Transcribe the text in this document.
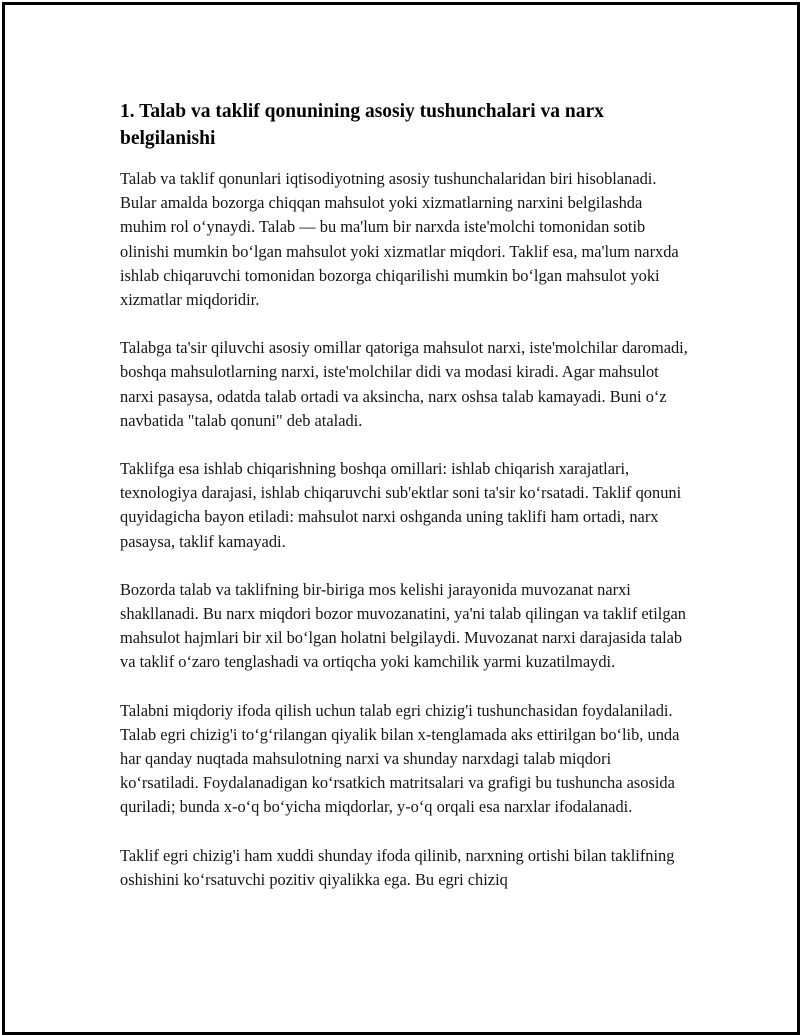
1. Talab va taklif qonunining asosiy tushunchalari va narx belgilanishi

Talab va taklif qonunlari iqtisodiyotning asosiy tushunchalaridan biri hisoblanadi. Bular amalda bozorga chiqqan mahsulot yoki xizmatlarning narxini belgilashda muhim rol o‘ynaydi. Talab — bu ma'lum bir narxda iste'molchi tomonidan sotib olinishi mumkin bo‘lgan mahsulot yoki xizmatlar miqdori. Taklif esa, ma'lum narxda ishlab chiqaruvchi tomonidan bozorga chiqarilishi mumkin bo‘lgan mahsulot yoki xizmatlar miqdoridir.

Talabga ta'sir qiluvchi asosiy omillar qatoriga mahsulot narxi, iste'molchilar daromadi, boshqa mahsulotlarning narxi, iste'molchilar didi va modasi kiradi. Agar mahsulot narxi pasaysa, odatda talab ortadi va aksincha, narx oshsa talab kamayadi. Buni o‘z navbatida "talab qonuni" deb ataladi.

Taklifga esa ishlab chiqarishning boshqa omillari: ishlab chiqarish xarajatlari, texnologiya darajasi, ishlab chiqaruvchi sub'ektlar soni ta'sir ko‘rsatadi. Taklif qonuni quyidagicha bayon etiladi: mahsulot narxi oshganda uning taklifi ham ortadi, narx pasaysa, taklif kamayadi.

Bozorda talab va taklifning bir-biriga mos kelishi jarayonida muvozanat narxi shakllanadi. Bu narx miqdori bozor muvozanatini, ya'ni talab qilingan va taklif etilgan mahsulot hajmlari bir xil bo‘lgan holatni belgilaydi. Muvozanat narxi darajasida talab va taklif o‘zaro tenglashadi va ortiqcha yoki kamchilik yarmi kuzatilmaydi.

Talabni miqdoriy ifoda qilish uchun talab egri chizig'i tushunchasidan foydalaniladi. Talab egri chizig'i to‘g‘rilangan qiyalik bilan x-tenglamada aks ettirilgan bo‘lib, unda har qanday nuqtada mahsulotning narxi va shunday narxdagi talab miqdori ko‘rsatiladi. Foydalanadigan ko‘rsatkich matritsalari va grafigi bu tushuncha asosida quriladi; bunda x-o‘q bo‘yicha miqdorlar, y-o‘q orqali esa narxlar ifodalanadi.

Taklif egri chizig'i ham xuddi shunday ifoda qilinib, narxning ortishi bilan taklifning oshishini ko‘rsatuvchi pozitiv qiyalikka ega. Bu egri chiziq
